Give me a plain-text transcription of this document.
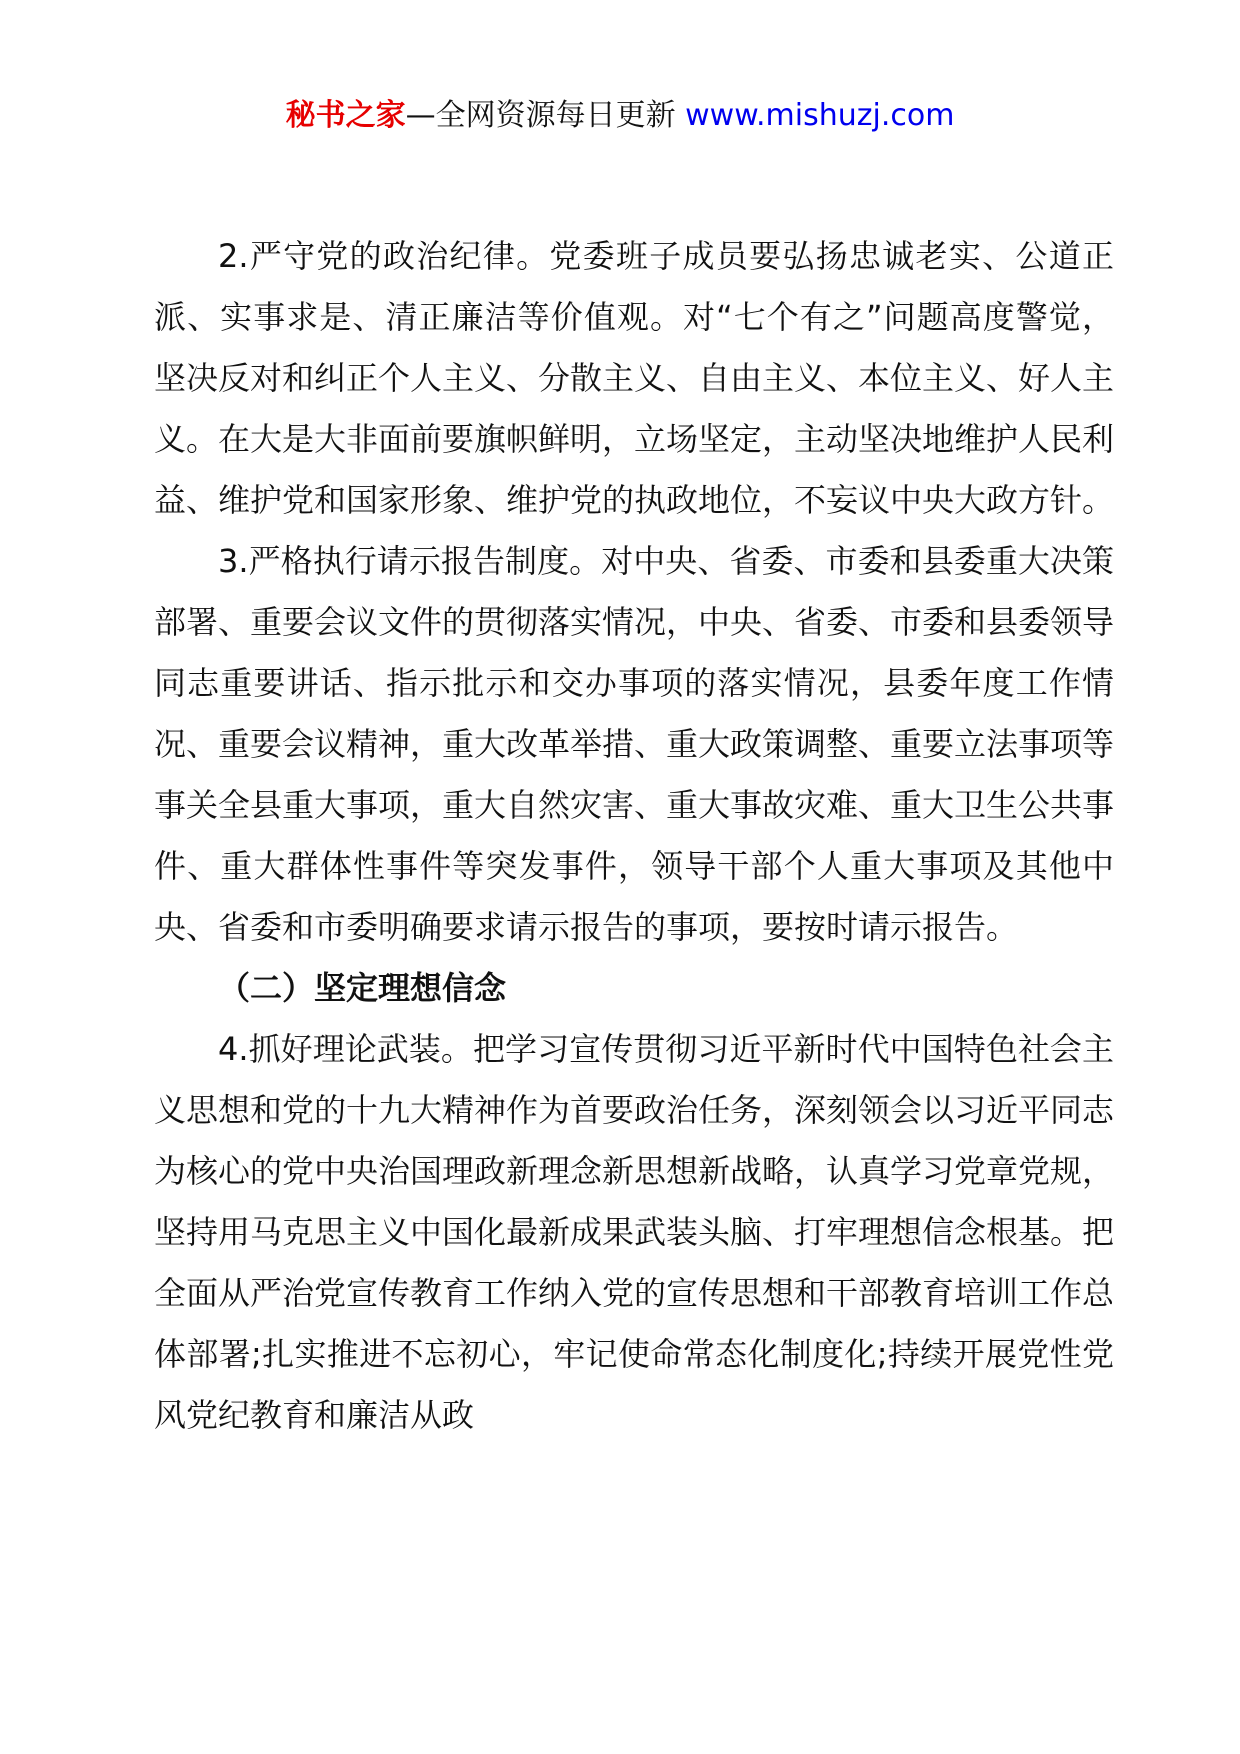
秘书之家—全网资源每日更新 www.mishuzj.com

2.严守党的政治纪律。党委班子成员要弘扬忠诚老实、公道正派、实事求是、清正廉洁等价值观。对“七个有之”问题高度警觉，坚决反对和纠正个人主义、分散主义、自由主义、本位主义、好人主义。在大是大非面前要旗帜鲜明，立场坚定，主动坚决地维护人民利益、维护党和国家形象、维护党的执政地位，不妄议中央大政方针。

3.严格执行请示报告制度。对中央、省委、市委和县委重大决策部署、重要会议文件的贯彻落实情况，中央、省委、市委和县委领导同志重要讲话、指示批示和交办事项的落实情况，县委年度工作情况、重要会议精神，重大改革举措、重大政策调整、重要立法事项等事关全县重大事项，重大自然灾害、重大事故灾难、重大卫生公共事件、重大群体性事件等突发事件，领导干部个人重大事项及其他中央、省委和市委明确要求请示报告的事项，要按时请示报告。

（二）坚定理想信念

4.抓好理论武装。把学习宣传贯彻习近平新时代中国特色社会主义思想和党的十九大精神作为首要政治任务，深刻领会以习近平同志为核心的党中央治国理政新理念新思想新战略，认真学习党章党规，坚持用马克思主义中国化最新成果武装头脑、打牢理想信念根基。把全面从严治党宣传教育工作纳入党的宣传思想和干部教育培训工作总体部署;扎实推进不忘初心，牢记使命常态化制度化;持续开展党性党风党纪教育和廉洁从政
